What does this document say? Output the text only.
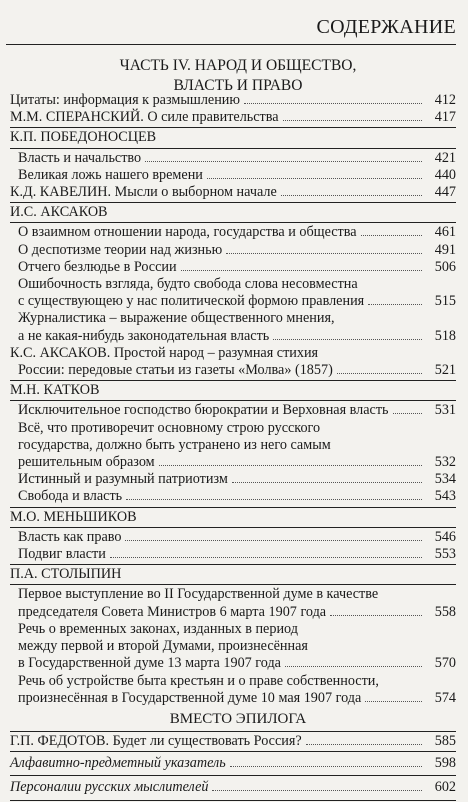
СОДЕРЖАНИЕ
ЧАСТЬ IV. НАРОД И ОБЩЕСТВО,
ВЛАСТЬ И ПРАВО
Цитаты: информация к размышлению	412
М.М. СПЕРАНСКИЙ. О силе правительства	417
К.П. ПОБЕДОНОСЦЕВ
Власть и начальство	421
Великая ложь нашего времени	440
К.Д. КАВЕЛИН. Мысли о выборном начале	447
И.С. АКСАКОВ
О взаимном отношении народа, государства и общества	461
О деспотизме теории над жизнью	491
Отчего безлюдье в России	506
Ошибочность взгляда, будто свобода слова несовместна
с существующею у нас политической формою правления	515
Журналистика – выражение общественного мнения,
а не какая-нибудь законодательная власть	518
К.С. АКСАКОВ. Простой народ – разумная стихия
России: передовые статьи из газеты «Молва» (1857)	521
М.Н. КАТКОВ
Исключительное господство бюрократии и Верховная власть	531
Всё, что противоречит основному строю русского
государства, должно быть устранено из него самым
решительным образом	532
Истинный и разумный патриотизм	534
Свобода и власть	543
М.О. МЕНЬШИКОВ
Власть как право	546
Подвиг власти	553
П.А. СТОЛЫПИН
Первое выступление во II Государственной думе в качестве
председателя Совета Министров 6 марта 1907 года	558
Речь о временных законах, изданных в период
между первой и второй Думами, произнесённая
в Государственной думе 13 марта 1907 года	570
Речь об устройстве быта крестьян и о праве собственности,
произнесённая в Государственной думе 10 мая 1907 года	574
ВМЕСТО ЭПИЛОГА
Г.П. ФЕДОТОВ. Будет ли существовать Россия?	585
Алфавитно-предметный указатель	598
Персоналии русских мыслителей	602
